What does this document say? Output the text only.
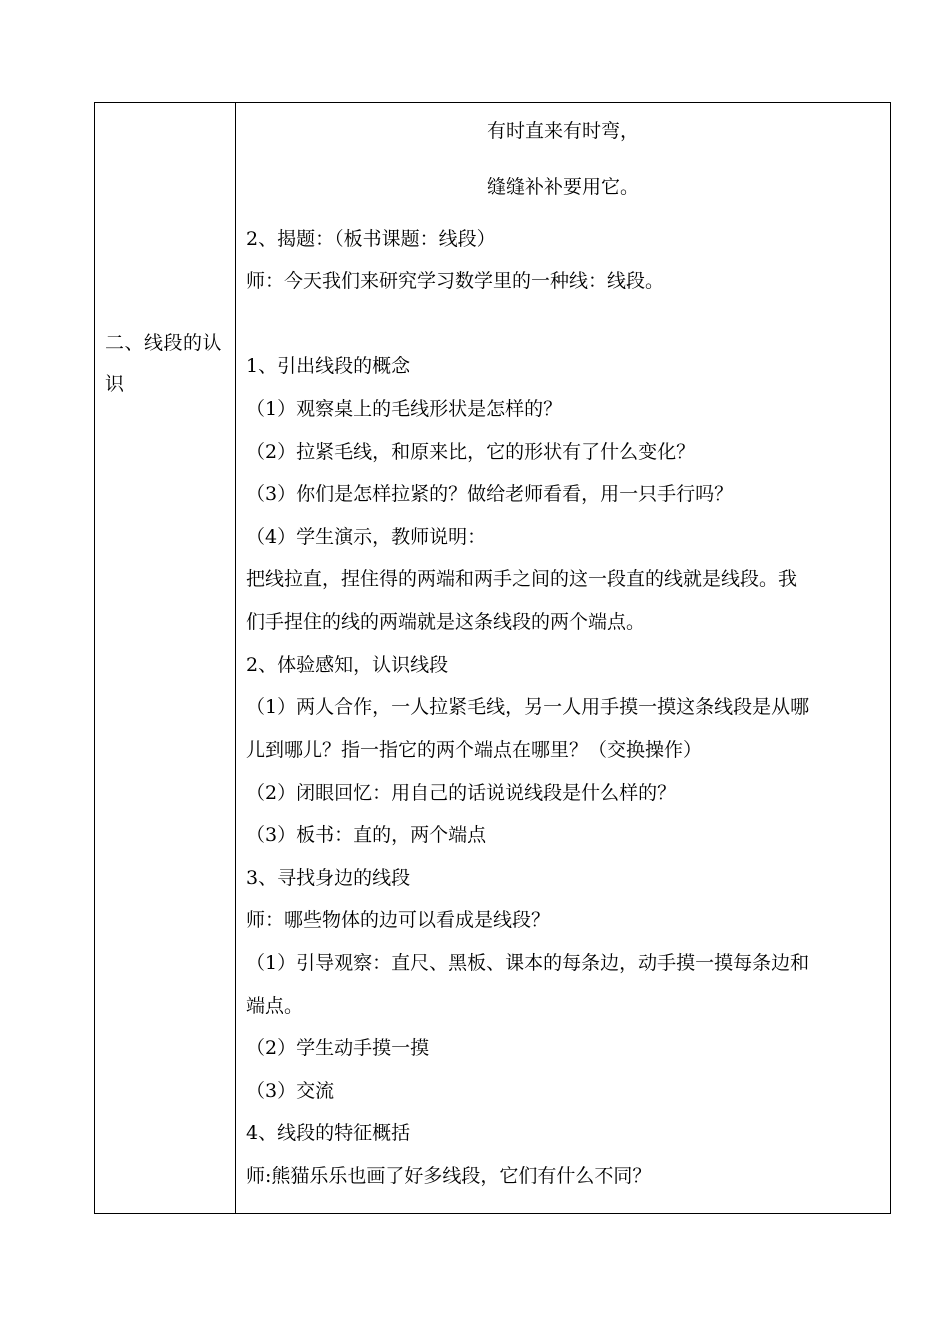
二、线段的认识
有时直来有时弯，
缝缝补补要用它。
2、揭题：（板书课题：线段）
师：今天我们来研究学习数学里的一种线：线段。
1、引出线段的概念
（1）观察桌上的毛线形状是怎样的？
（2）拉紧毛线，和原来比，它的形状有了什么变化？
（3）你们是怎样拉紧的？做给老师看看，用一只手行吗？
（4）学生演示，教师说明：
把线拉直，捏住得的两端和两手之间的这一段直的线就是线段。我
们手捏住的线的两端就是这条线段的两个端点。
2、体验感知，认识线段
（1）两人合作，一人拉紧毛线，另一人用手摸一摸这条线段是从哪
儿到哪儿？指一指它的两个端点在哪里？（交换操作）
（2）闭眼回忆：用自己的话说说线段是什么样的？
（3）板书：直的，两个端点
3、寻找身边的线段
师：哪些物体的边可以看成是线段？
（1）引导观察：直尺、黑板、课本的每条边，动手摸一摸每条边和
端点。
（2）学生动手摸一摸
（3）交流
4、线段的特征概括
师:熊猫乐乐也画了好多线段，它们有什么不同？
